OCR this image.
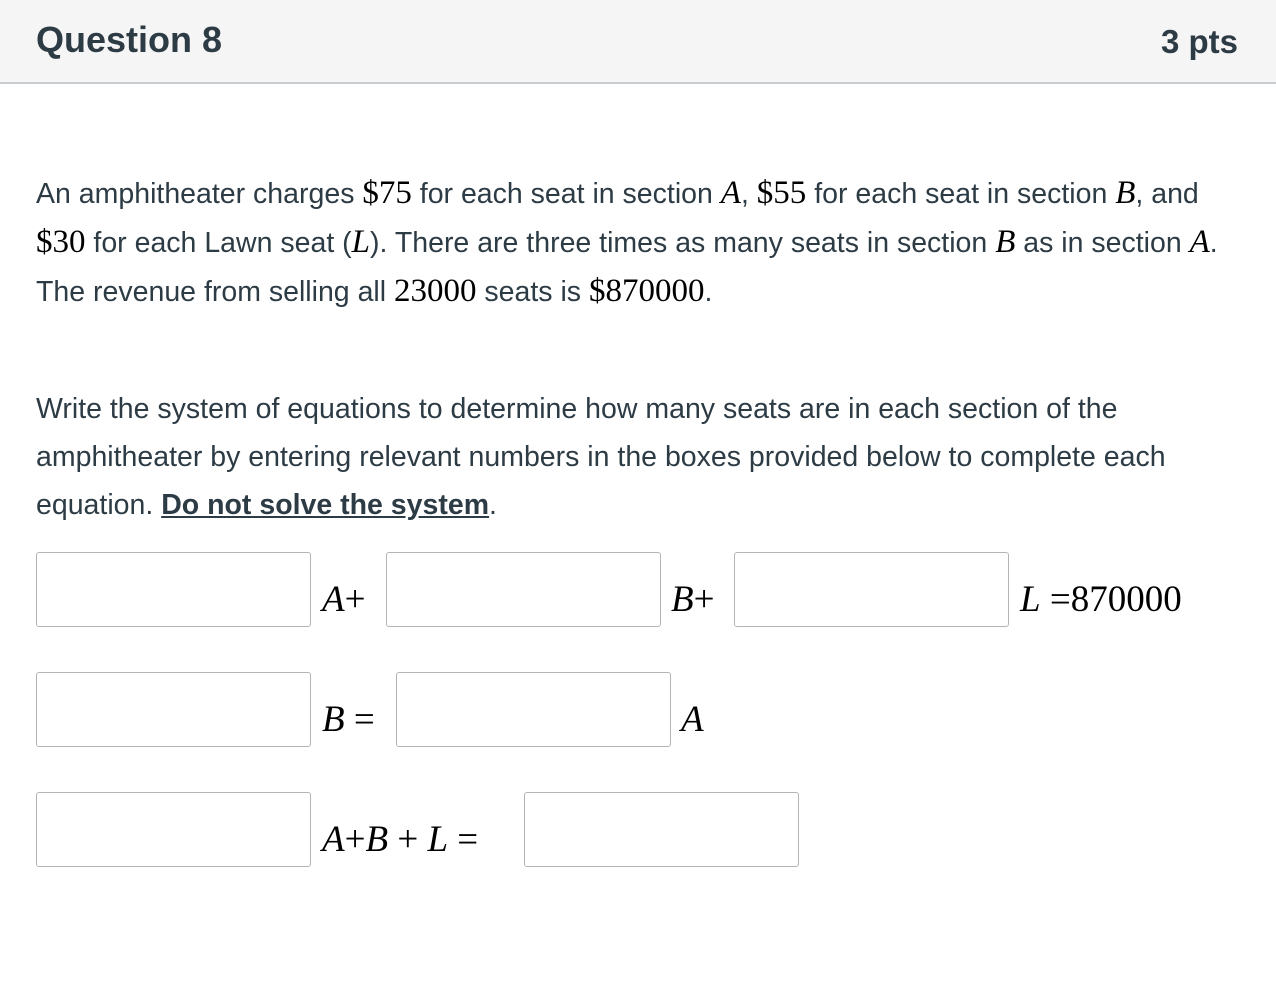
Question 8	3 pts
An amphitheater charges $75 for each seat in section A, $55 for each seat in section B, and $30 for each Lawn seat (L). There are three times as many seats in section B as in section A. The revenue from selling all 23000 seats is $870000.
Write the system of equations to determine how many seats are in each section of the amphitheater by entering relevant numbers in the boxes provided below to complete each equation. Do not solve the system.
A+	B+	L =870000
B =	A
A+B + L =
